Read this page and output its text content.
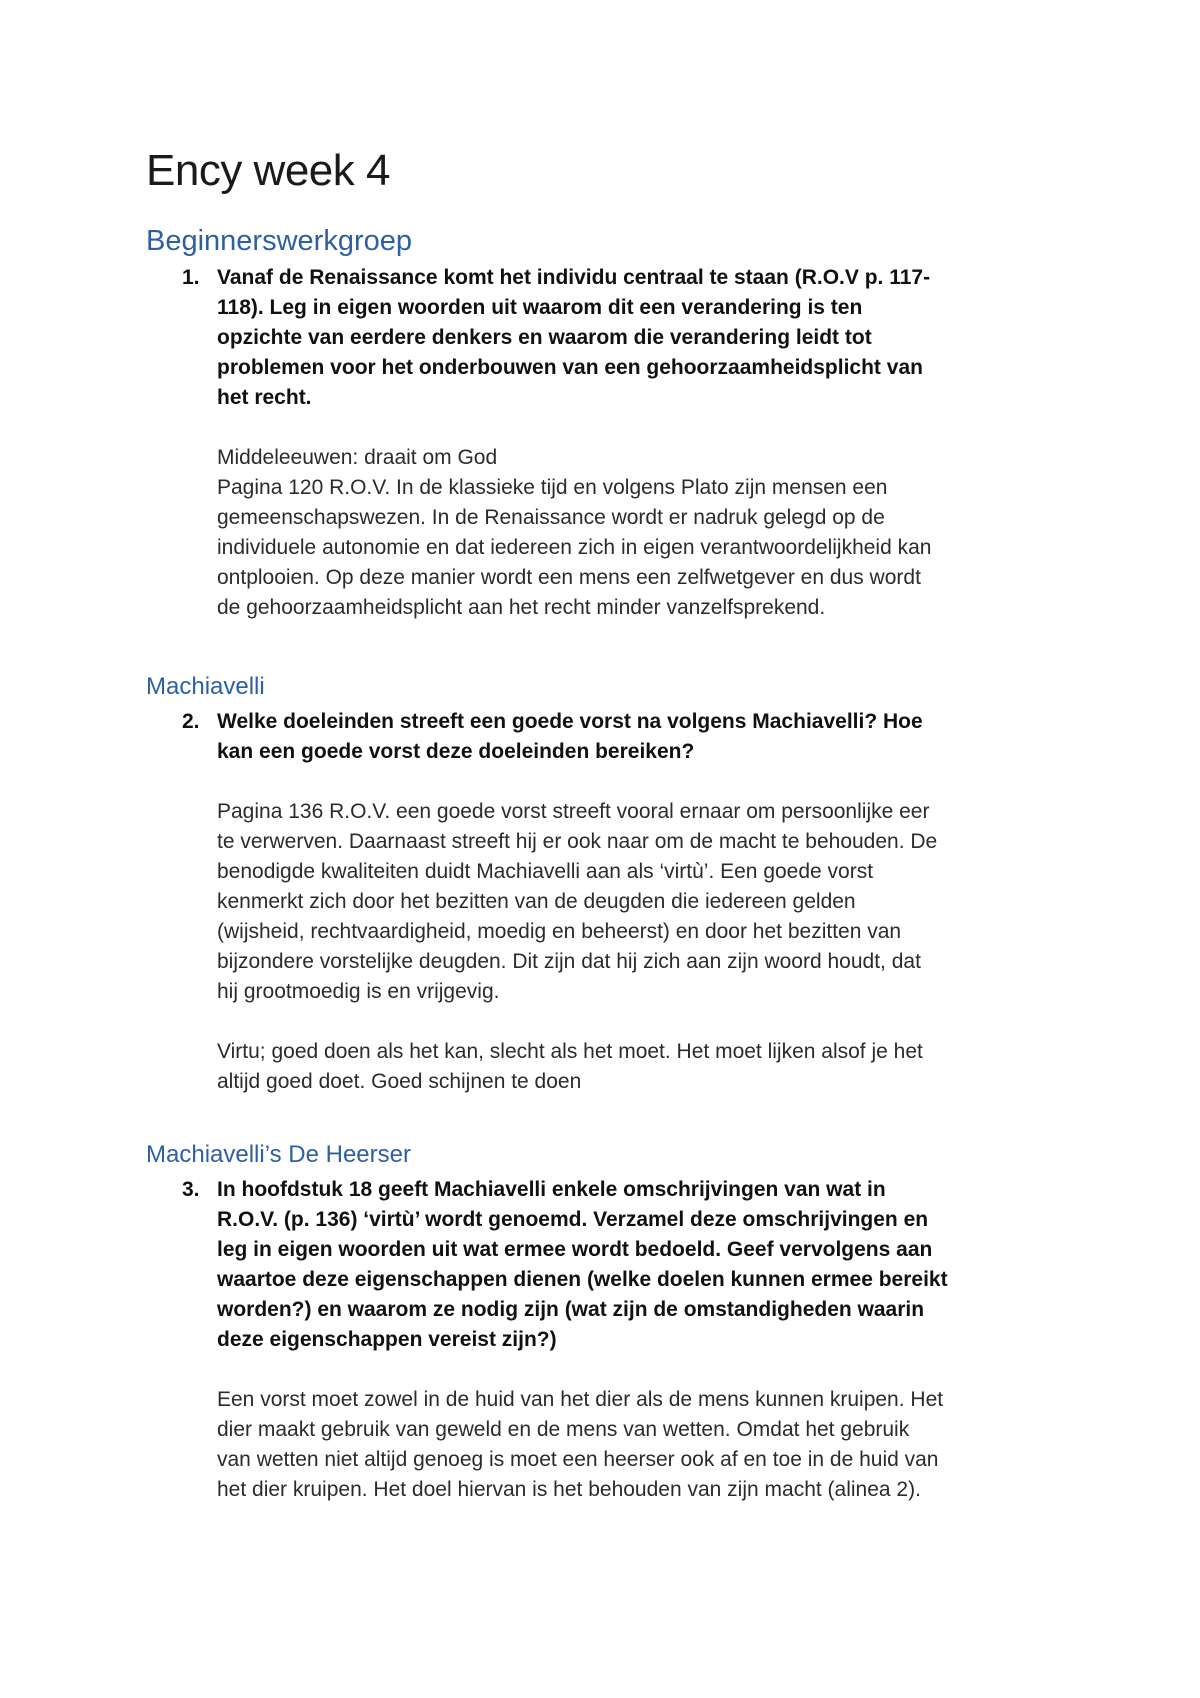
Ency week 4
Beginnerswerkgroep
1. Vanaf de Renaissance komt het individu centraal te staan (R.O.V p. 117-
118). Leg in eigen woorden uit waarom dit een verandering is ten
opzichte van eerdere denkers en waarom die verandering leidt tot
problemen voor het onderbouwen van een gehoorzaamheidsplicht van
het recht.
Middeleeuwen: draait om God
Pagina 120 R.O.V. In de klassieke tijd en volgens Plato zijn mensen een
gemeenschapswezen. In de Renaissance wordt er nadruk gelegd op de
individuele autonomie en dat iedereen zich in eigen verantwoordelijkheid kan
ontplooien. Op deze manier wordt een mens een zelfwetgever en dus wordt
de gehoorzaamheidsplicht aan het recht minder vanzelfsprekend.
Machiavelli
2. Welke doeleinden streeft een goede vorst na volgens Machiavelli? Hoe
kan een goede vorst deze doeleinden bereiken?
Pagina 136 R.O.V. een goede vorst streeft vooral ernaar om persoonlijke eer
te verwerven. Daarnaast streeft hij er ook naar om de macht te behouden. De
benodigde kwaliteiten duidt Machiavelli aan als ‘virtù’. Een goede vorst
kenmerkt zich door het bezitten van de deugden die iedereen gelden
(wijsheid, rechtvaardigheid, moedig en beheerst) en door het bezitten van
bijzondere vorstelijke deugden. Dit zijn dat hij zich aan zijn woord houdt, dat
hij grootmoedig is en vrijgevig.
Virtu; goed doen als het kan, slecht als het moet. Het moet lijken alsof je het
altijd goed doet. Goed schijnen te doen
Machiavelli’s De Heerser
3. In hoofdstuk 18 geeft Machiavelli enkele omschrijvingen van wat in
R.O.V. (p. 136) ‘virtù’ wordt genoemd. Verzamel deze omschrijvingen en
leg in eigen woorden uit wat ermee wordt bedoeld. Geef vervolgens aan
waartoe deze eigenschappen dienen (welke doelen kunnen ermee bereikt
worden?) en waarom ze nodig zijn (wat zijn de omstandigheden waarin
deze eigenschappen vereist zijn?)
Een vorst moet zowel in de huid van het dier als de mens kunnen kruipen. Het
dier maakt gebruik van geweld en de mens van wetten. Omdat het gebruik
van wetten niet altijd genoeg is moet een heerser ook af en toe in de huid van
het dier kruipen. Het doel hiervan is het behouden van zijn macht (alinea 2).
